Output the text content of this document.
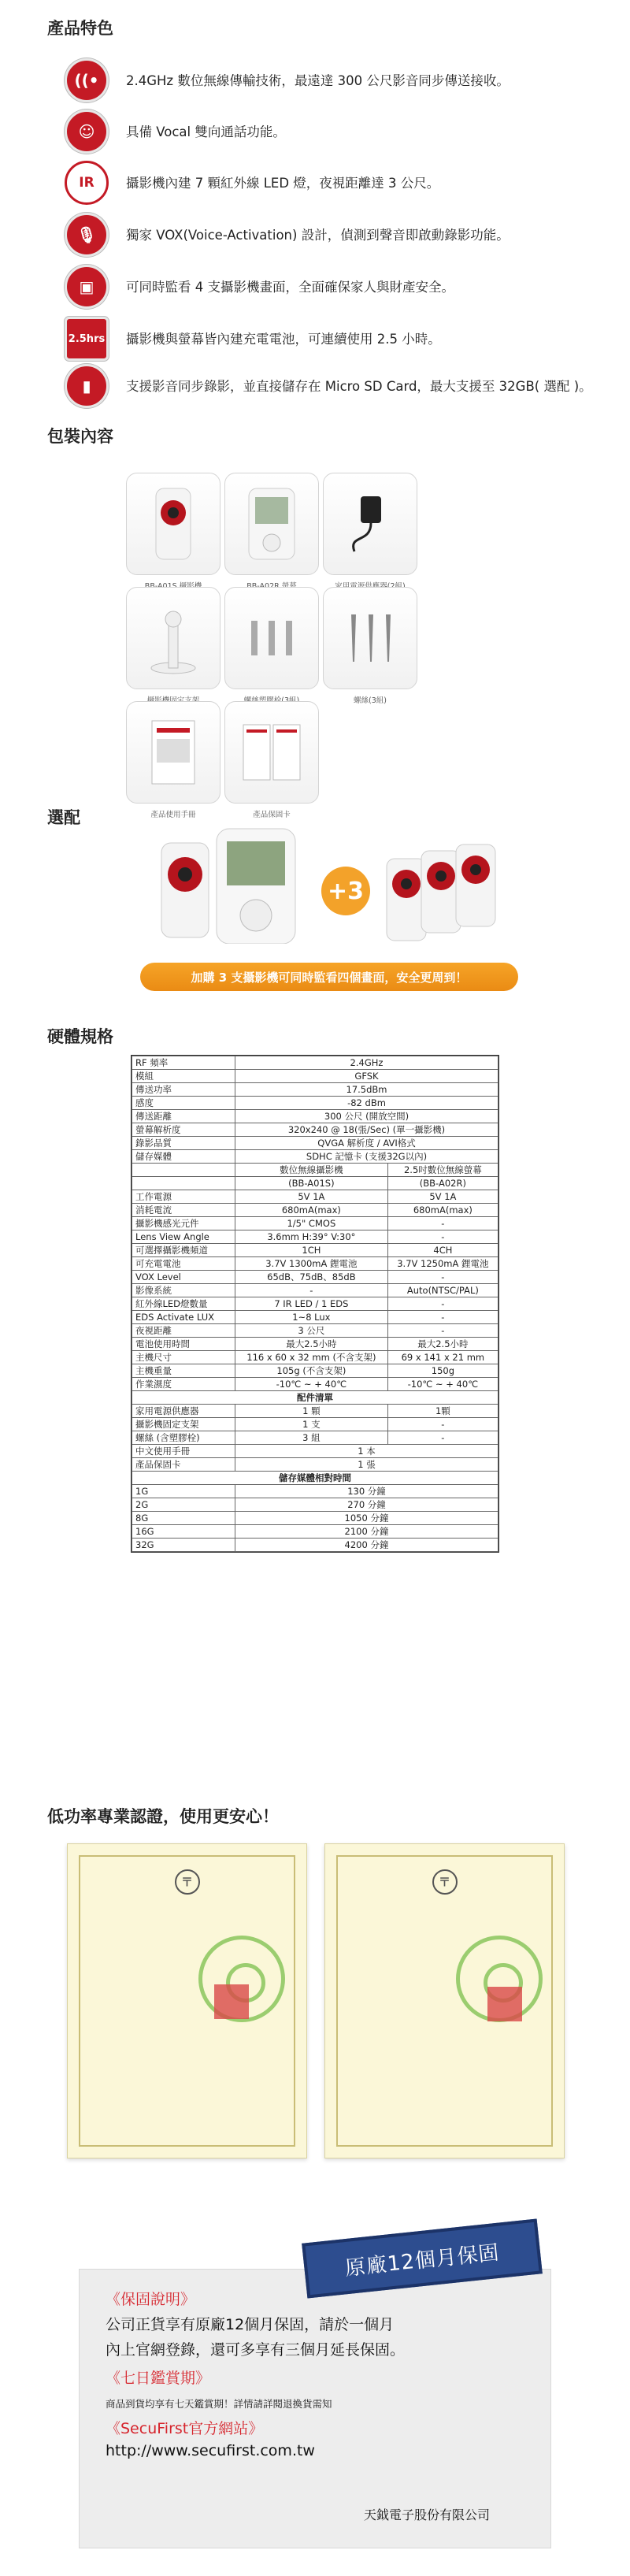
產品特色
((•	2.4GHz 數位無線傳輸技術，最遠達 300 公尺影音同步傳送接收。
☺	具備 Vocal 雙向通話功能。
IR 攝影機內建 7 顆紅外線 LED 燈，夜視距離達 3 公尺。
🎙	獨家 VOX(Voice-Activation) 設計，偵測到聲音即啟動錄影功能。
▣	可同時監看 4 支攝影機畫面，全面確保家人與財產安全。
2.5hrs 攝影機與螢幕皆內建充電電池，可連續使用 2.5 小時。
▮	支援影音同步錄影，並直接儲存在 Micro SD Card，最大支援至 32GB( 選配 )。
包裝內容
螺絲(3組)
產品使用手冊	產品保固卡
選配
+3
加購 3 支攝影機可同時監看四個畫面，安全更周到！
硬體規格
RF 頻率	2.4GHz	
模組	GFSK	
傳送功率	17.5dBm	
感度	-82 dBm	
傳送距離	300 公尺 (開放空間)	
螢幕解析度	320x240 @ 18(張/Sec) (單一攝影機)	
錄影品質	QVGA 解析度 / AVI格式	
儲存媒體	SDHC 記憶卡 (支援32G以內)	
	數位無線攝影機	2.5吋數位無線螢幕
	(BB-A01S)	(BB-A02R)
工作電源	5V 1A	5V 1A
消耗電流	680mA(max)	680mA(max)
攝影機感光元件	1/5" CMOS	-
Lens View Angle	3.6mm H:39° V:30°	-
可選擇攝影機頻道	1CH	4CH
可充電電池	3.7V 1300mA 鋰電池	3.7V 1250mA 鋰電池
VOX Level	65dB、75dB、85dB	-
影像系統	-	Auto(NTSC/PAL)
紅外線LED燈數量	7 IR LED / 1 EDS	-
EDS Activate LUX	1~8 Lux	-
夜視距離	3 公尺	-
電池使用時間	最大2.5小時	最大2.5小時
主機尺寸	116 x 60 x 32 mm (不含支架)	69 x 141 x 21 mm
主機重量	105g (不含支架)	150g
作業濕度	-10℃ ~ + 40℃	-10℃ ~ + 40℃
配件清單		
家用電源供應器	1 顆	1顆
攝影機固定支架	1 支	-
螺絲 (含塑膠栓)	3 組	-
中文使用手冊	1 本	
產品保固卡	1 張	
儲存媒體相對時間		
1G	130 分鐘	
2G	270 分鐘	
8G	1050 分鐘	
16G	2100 分鐘	
32G	4200 分鐘	
低功率專業認證，使用更安心！
〒	〒
原廠12個月保固
《保固說明》
公司正貨享有原廠12個月保固，請於一個月
內上官網登錄，還可多享有三個月延長保固。
《七日鑑賞期》
商品到貨均享有七天鑑賞期！詳情請詳閱退換貨需知
《SecuFirst官方網站》
http://www.secufirst.com.tw
天鉞電子股份有限公司
